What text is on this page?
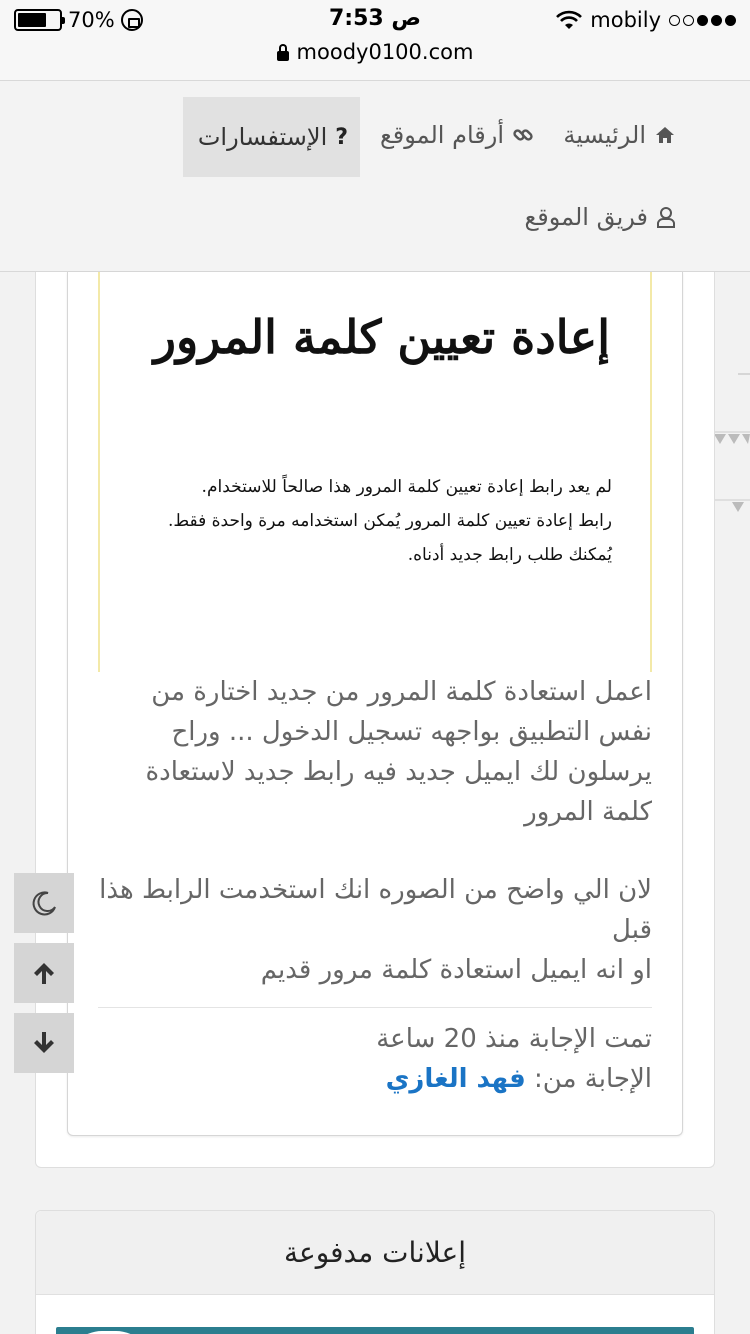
70%	7:53 ص	mobily
moody0100.com
الرئيسية
أرقام الموقع
?
الإستفسارات
فريق الموقع
إعادة تعيين كلمة المرور
لم يعد رابط إعادة تعيين كلمة المرور هذا صالحاً للاستخدام.
رابط إعادة تعيين كلمة المرور يُمكن استخدامه مرة واحدة فقط.
يُمكنك طلب رابط جديد أدناه.
اعمل استعادة كلمة المرور من جديد اختارة من نفس التطبيق بواجهه تسجيل الدخول ... وراح يرسلون لك ايميل جديد فيه رابط جديد لاستعادة كلمة المرور
لان الي واضح من الصوره انك استخدمت الرابط هذا قبل
او انه ايميل استعادة كلمة مرور قديم
تمت الإجابة منذ 20 ساعة
الإجابة من: فهد الغازي
إعلانات مدفوعة
